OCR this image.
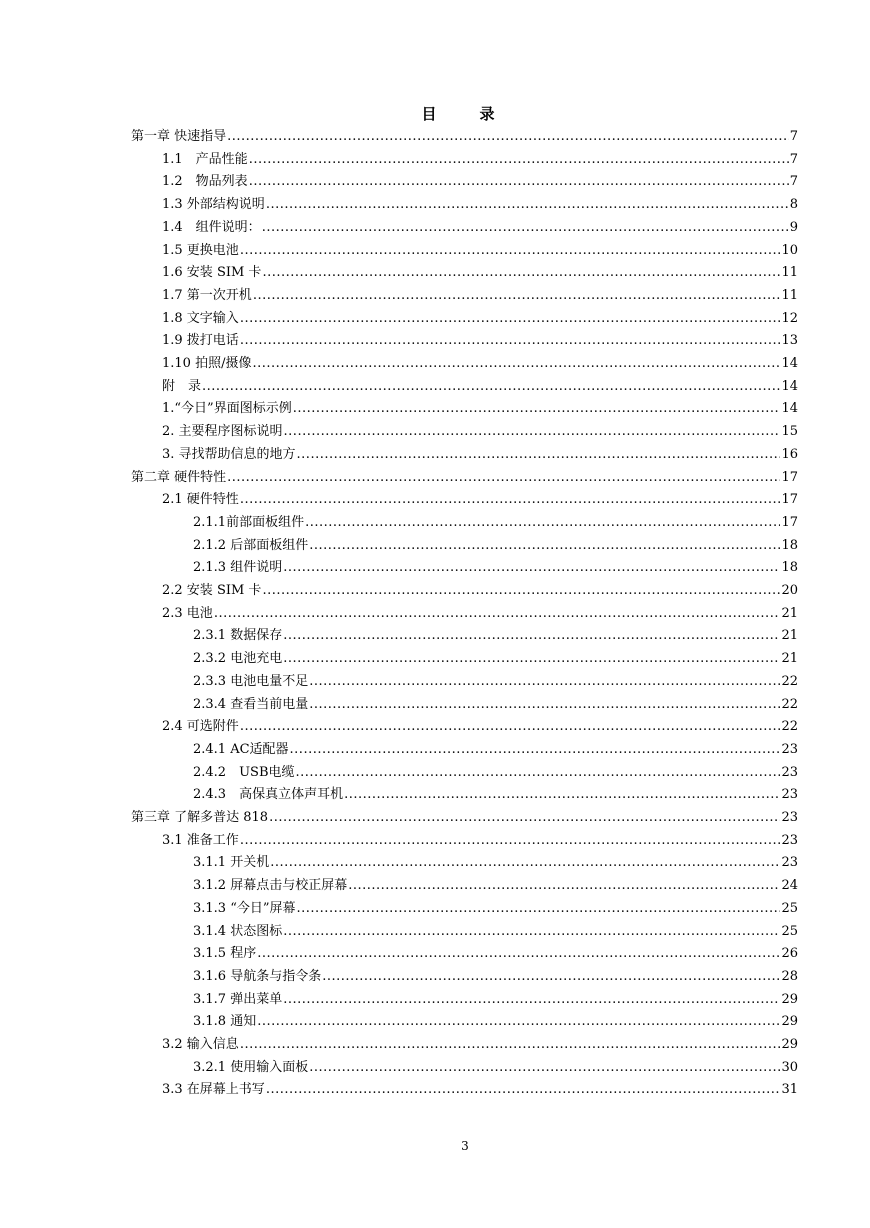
目　录
第一章 快速指导 .....	7
1.1　产品性能 .....	7
1.2　物品列表 .....	7
1.3 外部结构说明 .....	8
1.4　组件说明： .....	9
1.5 更换电池 .....	10
1.6 安装 SIM 卡 .....	11
1.7 第一次开机 .....	11
1.8 文字输入 .....	12
1.9 拨打电话 .....	13
1.10 拍照/摄像 .....	14
附　录 .....	14
1.“今日”界面图标示例 .....	14
2. 主要程序图标说明 .....	15
3. 寻找帮助信息的地方 .....	16
第二章 硬件特性 .....	17
2.1 硬件特性 .....	17
2.1.1前部面板组件 .....	17
2.1.2 后部面板组件 .....	18
2.1.3 组件说明 .....	18
2.2 安装 SIM 卡 .....	20
2.3 电池 .....	21
2.3.1 数据保存 .....	21
2.3.2 电池充电 .....	21
2.3.3 电池电量不足 .....	22
2.3.4 查看当前电量 .....	22
2.4 可选附件 .....	22
2.4.1 AC适配器 .....	23
2.4.2　USB电缆 .....	23
2.4.3　高保真立体声耳机 .....	23
第三章 了解多普达 818 .....	23
3.1 准备工作 .....	23
3.1.1 开关机 .....	23
3.1.2 屏幕点击与校正屏幕 .....	24
3.1.3 “今日”屏幕 .....	25
3.1.4 状态图标 .....	25
3.1.5 程序 .....	26
3.1.6 导航条与指令条 .....	28
3.1.7 弹出菜单 .....	29
3.1.8 通知 .....	29
3.2 输入信息 .....	29
3.2.1 使用输入面板 .....	30
3.3 在屏幕上书写 .....	31
3
